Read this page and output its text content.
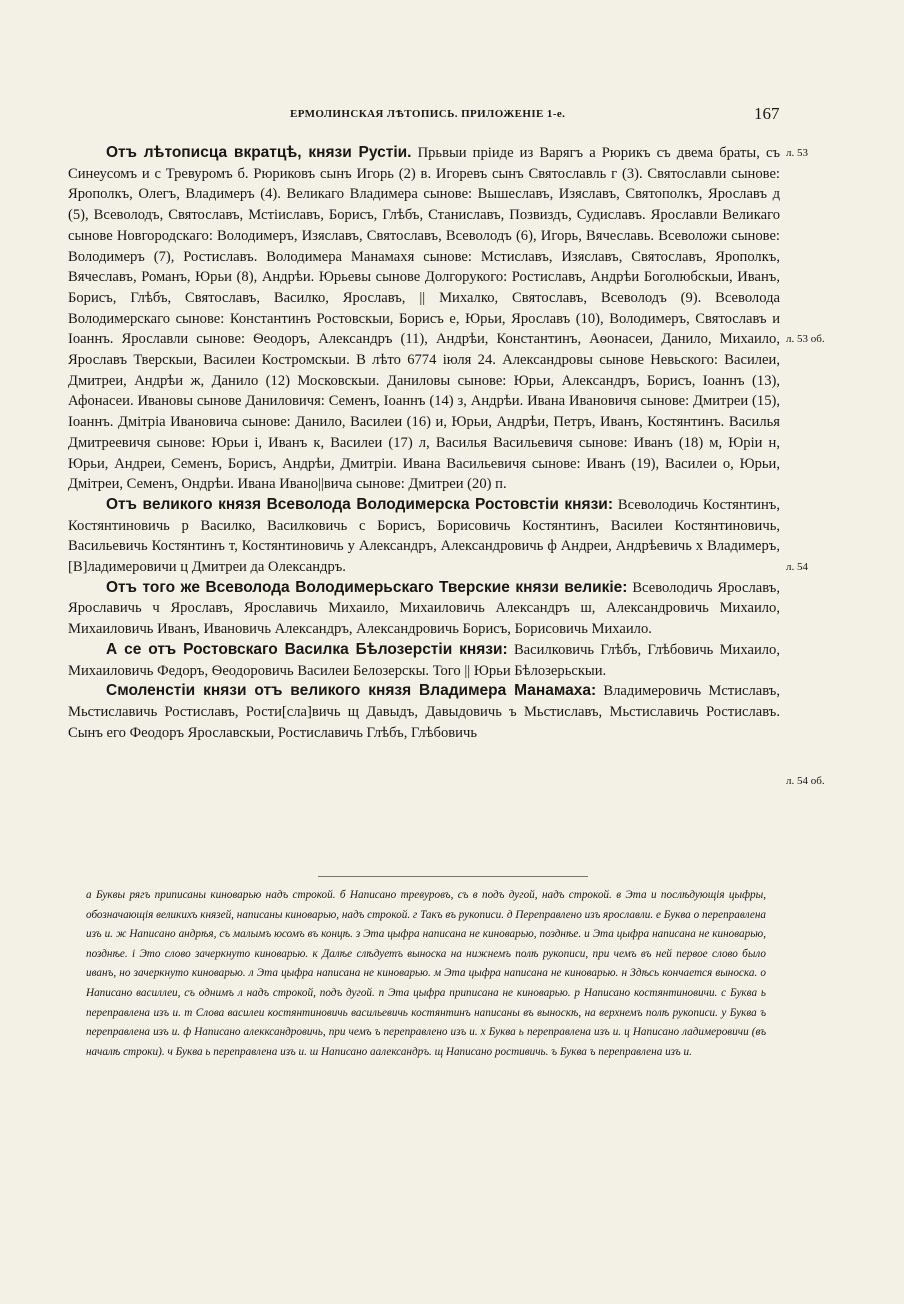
ЕРМОЛИНСКАЯ ЛѢТОПИСЬ. ПРИЛОЖЕНІЕ 1-е.	167
л. 53
л. 53 об.
л. 54
л. 54 об.

Отъ лѣтописца вкратцѣ, князи Рустіи. Прьвыи пріиде из Варягъ а Рюрикъ съ двема браты, съ Синеусомъ и с Тревуромъ б. Рюриковъ сынъ Игорь (2) в. Игоревъ сынъ Святославль г (3). Святославли сынове: Ярополкъ, Олегъ, Владимеръ (4). Великаго Владимера сынове: Вышеславъ, Изяславъ, Святополкъ, Ярославъ д (5), Всеволодъ, Святославъ, Мстіиславъ, Борисъ, Глѣбъ, Станиславъ, Позвиздъ, Судиславъ. Ярославли Великаго сынове Новгородскаго: Володимеръ, Изяславъ, Святославъ, Всеволодъ (6), Игорь, Вячеславь. Всеволожи сынове: Володимеръ (7), Ростиславъ. Володимера Манамахя сынове: Мстиславъ, Изяславъ, Святославъ, Ярополкъ, Вячеславъ, Романъ, Юрьи (8), Андрѣи. Юрьевы сынове Долгорукого: Ростиславъ, Андрѣи Боголюбскыи, Иванъ, Борисъ, Глѣбъ, Святославъ, Василко, Ярославъ, || Михалко, Святославъ, Всеволодъ (9). Всеволода Володимерскаго сынове: Константинъ Ростовскыи, Борисъ е, Юрьи, Ярославъ (10), Володимеръ, Святославъ и Іоаннъ. Ярославли сынове: Ѳеодоръ, Александръ (11), Андрѣи, Константинъ, Аѳонасеи, Данило, Михаило, Ярославъ Тверскыи, Василеи Костромскыи. В лѣто 6774 іюля 24. Александровы сынове Невьского: Василеи, Дмитреи, Андрѣи ж, Данило (12) Московскыи. Даниловы сынове: Юрьи, Александръ, Борисъ, Іоаннъ (13), Афонасеи. Ивановы сынове Даниловичя: Семенъ, Іоаннъ (14) з, Андрѣи. Ивана Ивановичя сынове: Дмитреи (15), Іоаннъ. Дмітріа Ивановича сынове: Данило, Василеи (16) и, Юрьи, Андрѣи, Петръ, Иванъ, Костянтинъ. Василья Дмитреевичя сынове: Юрьи і, Иванъ к, Василеи (17) л, Василья Васильевичя сынове: Иванъ (18) м, Юріи н, Юрьи, Андреи, Семенъ, Борисъ, Андрѣи, Дмитріи. Ивана Васильевичя сынове: Иванъ (19), Василеи о, Юрьи, Дмітреи, Семенъ, Ондрѣи. Ивана Ивано||вича сынове: Дмитреи (20) п.

Отъ великого князя Всеволода Володимерска Ростовстіи князи: Всеволодичь Костянтинъ, Костянтиновичь р Василко, Василковичь с Борисъ, Борисовичь Костянтинъ, Василеи Костянтиновичь, Васильевичь Костянтинъ т, Костянтиновичь у Александръ, Александровичь ф Андреи, Андрѣевичь х Владимеръ, [В]ладимеровичи ц Дмитреи да Олександръ.

Отъ того же Всеволода Володимерьскаго Тверские князи великіе: Всеволодичь Ярославъ, Ярославичь ч Ярославъ, Ярославичь Михаило, Михаиловичь Александръ ш, Александровичь Михаило, Михаиловичь Иванъ, Ивановичь Александръ, Александровичь Борисъ, Борисовичь Михаило.

А се отъ Ростовскаго Василка Бѣлозерстіи князи: Василковичь Глѣбъ, Глѣбовичь Михаило, Михаиловичь Федоръ, Ѳеодоровичь Василеи Белозерскы. Того || Юрьи Бѣлозерьскыи.

Смоленстіи князи отъ великого князя Владимера Манамаха: Владимеровичь Мстиславъ, Мьстиславичь Ростиславъ, Рости[сла]вичь щ Давыдъ, Давыдовичь ъ Мьстиславъ, Мьстиславичь Ростиславъ. Сынъ его Феодоръ Ярославскыи, Ростиславичь Глѣбъ, Глѣбовичь

а Буквы рягъ приписаны киноварью надъ строкой. б Написано тревуровъ, съ в подъ дугой, надъ строкой. в Эта и послѣдующія цыфры, обозначающія великихъ князей, написаны киноварью, надъ строкой. г Такъ въ рукописи. д Переправлено изъ ярославли. е Буква о переправлена изъ и. ж Написано андрѣя, съ малымъ юсомъ въ концѣ. з Эта цыфра написана не киноварью, позднѣе. и Эта цыфра написана не киноварью, позднѣе. і Это слово зачеркнуто киноварью. к Далѣе слѣдуетъ выноска на нижнемъ полѣ рукописи, при чемъ въ ней первое слово было иванъ, но зачеркнуто киноварью. л Эта цыфра написана не киноварью. м Эта цыфра написана не киноварью. н Здѣсь кончается выноска. о Написано василлеи, съ однимъ л надъ строкой, подъ дугой. п Эта цыфра приписана не киноварью. р Написано костянтиновичи. с Буква ь переправлена изъ и. т Слова василеи костянтиновичь васильевичь костянтинъ написаны въ выноскѣ, на верхнемъ полѣ рукописи. у Буква ъ переправлена изъ и. ф Написано алекксандровичь, при чемъ ъ переправлено изъ и. х Буква ь переправлена изъ и. ц Написано ладимеровичи (въ началѣ строки). ч Буква ь переправлена изъ и. ш Написано аалександръ. щ Написано ростивичь. ъ Буква ъ переправлена изъ и.
